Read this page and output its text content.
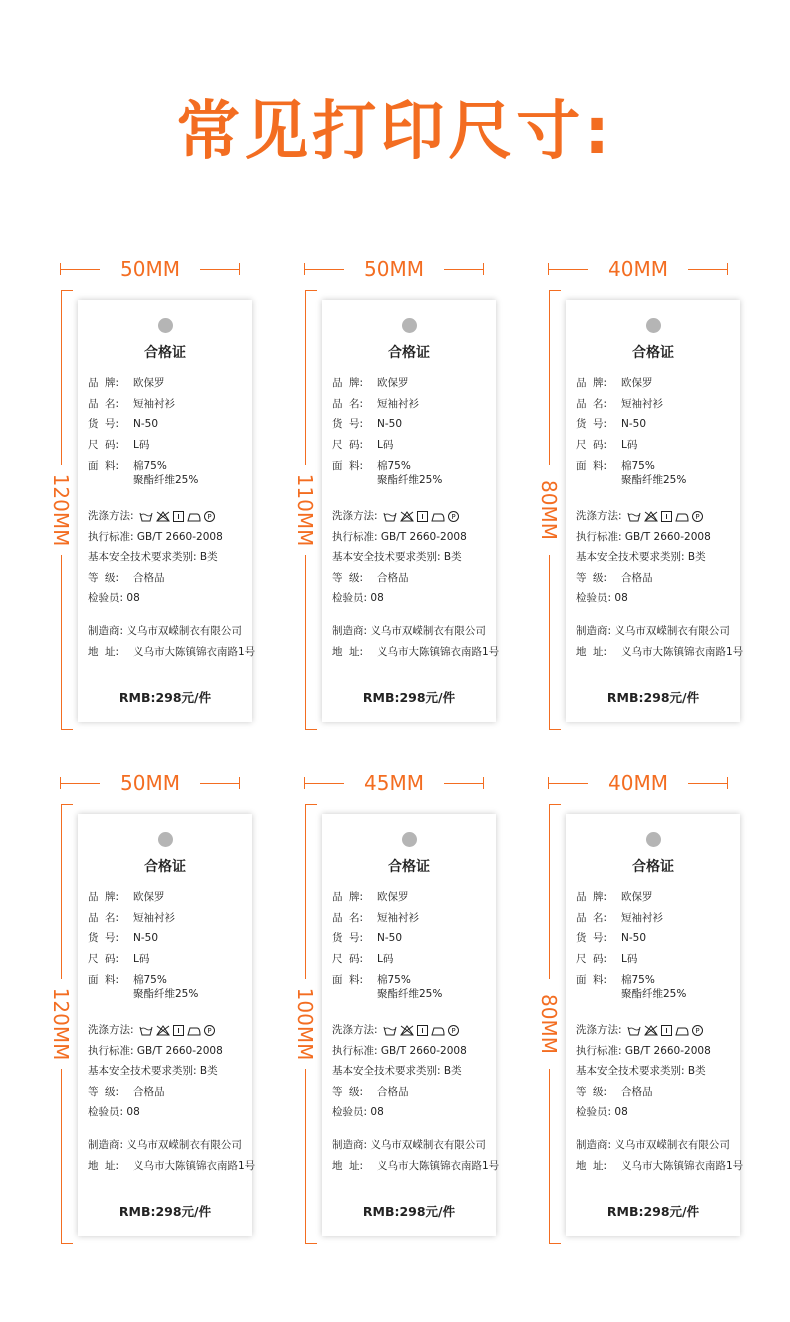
常见打印尺寸:
50MM
120MM
合格证
品 牌: 欧保罗
品 名: 短袖衬衫
货 号: N-50
尺 码: L码
面 料: 棉75%
聚酯纤维25%
洗涤方法:	P
执行标准: GB/T 2660-2008
基本安全技术要求类别: B类
等 级: 合格品
检验员: 08
制造商: 义乌市双嵘制衣有限公司
地 址: 义乌市大陈镇锦衣南路1号
RMB:298元/件
50MM
110MM
合格证
品 牌: 欧保罗
品 名: 短袖衬衫
货 号: N-50
尺 码: L码
面 料: 棉75%
聚酯纤维25%
洗涤方法:	P
执行标准: GB/T 2660-2008
基本安全技术要求类别: B类
等 级: 合格品
检验员: 08
制造商: 义乌市双嵘制衣有限公司
地 址: 义乌市大陈镇锦衣南路1号
RMB:298元/件
40MM
80MM
合格证
品 牌: 欧保罗
品 名: 短袖衬衫
货 号: N-50
尺 码: L码
面 料: 棉75%
聚酯纤维25%
洗涤方法:	P
执行标准: GB/T 2660-2008
基本安全技术要求类别: B类
等 级: 合格品
检验员: 08
制造商: 义乌市双嵘制衣有限公司
地 址: 义乌市大陈镇锦衣南路1号
RMB:298元/件
50MM
120MM
合格证
品 牌: 欧保罗
品 名: 短袖衬衫
货 号: N-50
尺 码: L码
面 料: 棉75%
聚酯纤维25%
洗涤方法:	P
执行标准: GB/T 2660-2008
基本安全技术要求类别: B类
等 级: 合格品
检验员: 08
制造商: 义乌市双嵘制衣有限公司
地 址: 义乌市大陈镇锦衣南路1号
RMB:298元/件
45MM
100MM
合格证
品 牌: 欧保罗
品 名: 短袖衬衫
货 号: N-50
尺 码: L码
面 料: 棉75%
聚酯纤维25%
洗涤方法:	P
执行标准: GB/T 2660-2008
基本安全技术要求类别: B类
等 级: 合格品
检验员: 08
制造商: 义乌市双嵘制衣有限公司
地 址: 义乌市大陈镇锦衣南路1号
RMB:298元/件
40MM
80MM
合格证
品 牌: 欧保罗
品 名: 短袖衬衫
货 号: N-50
尺 码: L码
面 料: 棉75%
聚酯纤维25%
洗涤方法:	P
执行标准: GB/T 2660-2008
基本安全技术要求类别: B类
等 级: 合格品
检验员: 08
制造商: 义乌市双嵘制衣有限公司
地 址: 义乌市大陈镇锦衣南路1号
RMB:298元/件
